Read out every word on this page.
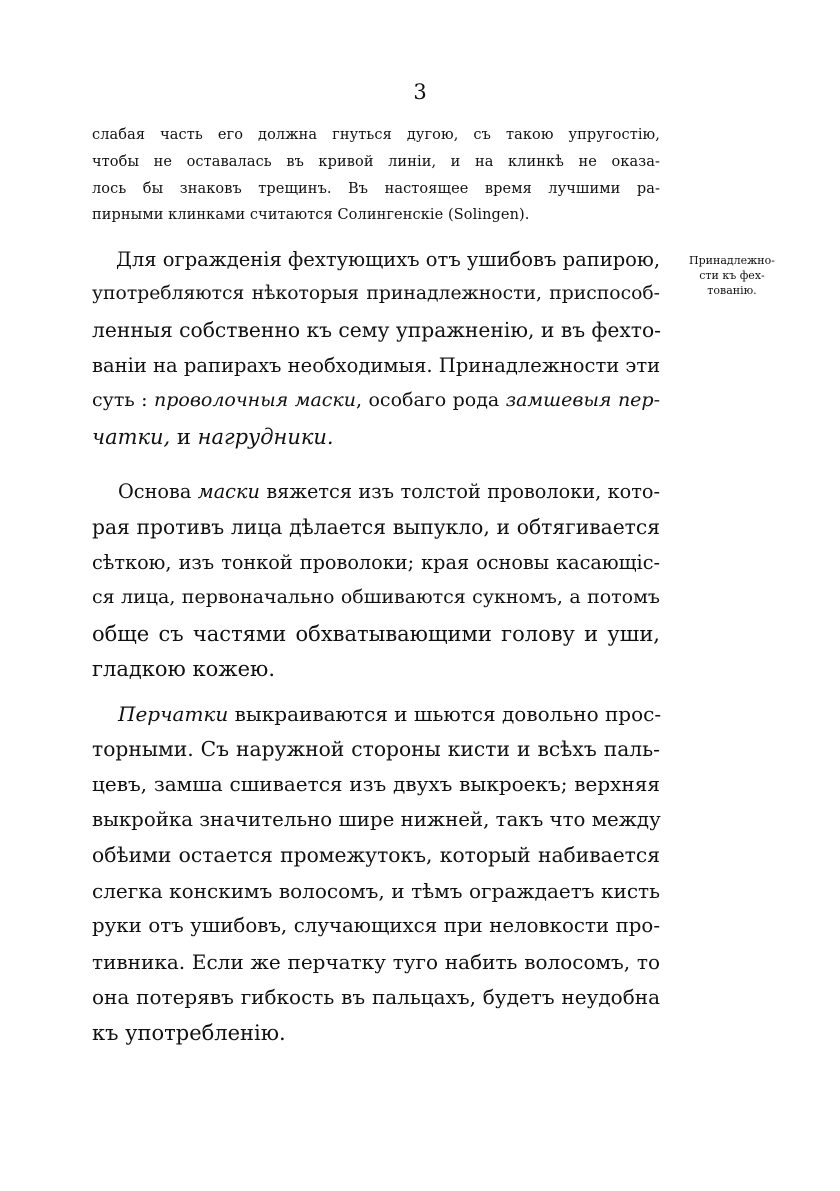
3
слабая часть его должна гнуться дугою, съ такою упругостію,
чтобы не оставалась въ кривой линіи, и на клинкѣ не оказа-
лось бы знаковъ трещинъ. Въ настоящее время лучшими ра-
пирными клинками считаются Солингенскіе (Solingen).
Принадлежно-
сти къ фех-
тованію.
Для огражденія фехтующихъ отъ ушибовъ рапирою,
употребляются нѣкоторыя принадлежности, приспособ-
ленныя собственно къ сему упражненію, и въ фехто-
ваніи на рапирахъ необходимыя. Принадлежности эти
суть : проволочныя маски, особаго рода замшевыя пер-
чатки, и нагрудники.
Основа маски вяжется изъ толстой проволоки, кото-
рая противъ лица дѣлается выпукло, и обтягивается
сѣткою, изъ тонкой проволоки; края основы касающіс-
ся лица, первоначально обшиваются сукномъ, а потомъ
обще съ частями обхватывающими голову и уши,
гладкою кожею.
Перчатки выкраиваются и шьются довольно прос-
торными. Съ наружной стороны кисти и всѣхъ паль-
цевъ, замша сшивается изъ двухъ выкроекъ; верхняя
выкройка значительно шире нижней, такъ что между
обѣими остается промежутокъ, который набивается
слегка конскимъ волосомъ, и тѣмъ ограждаетъ кисть
руки отъ ушибовъ, случающихся при неловкости про-
тивника. Если же перчатку туго набить волосомъ, то
она потерявъ гибкость въ пальцахъ, будетъ неудобна
къ употребленію.
